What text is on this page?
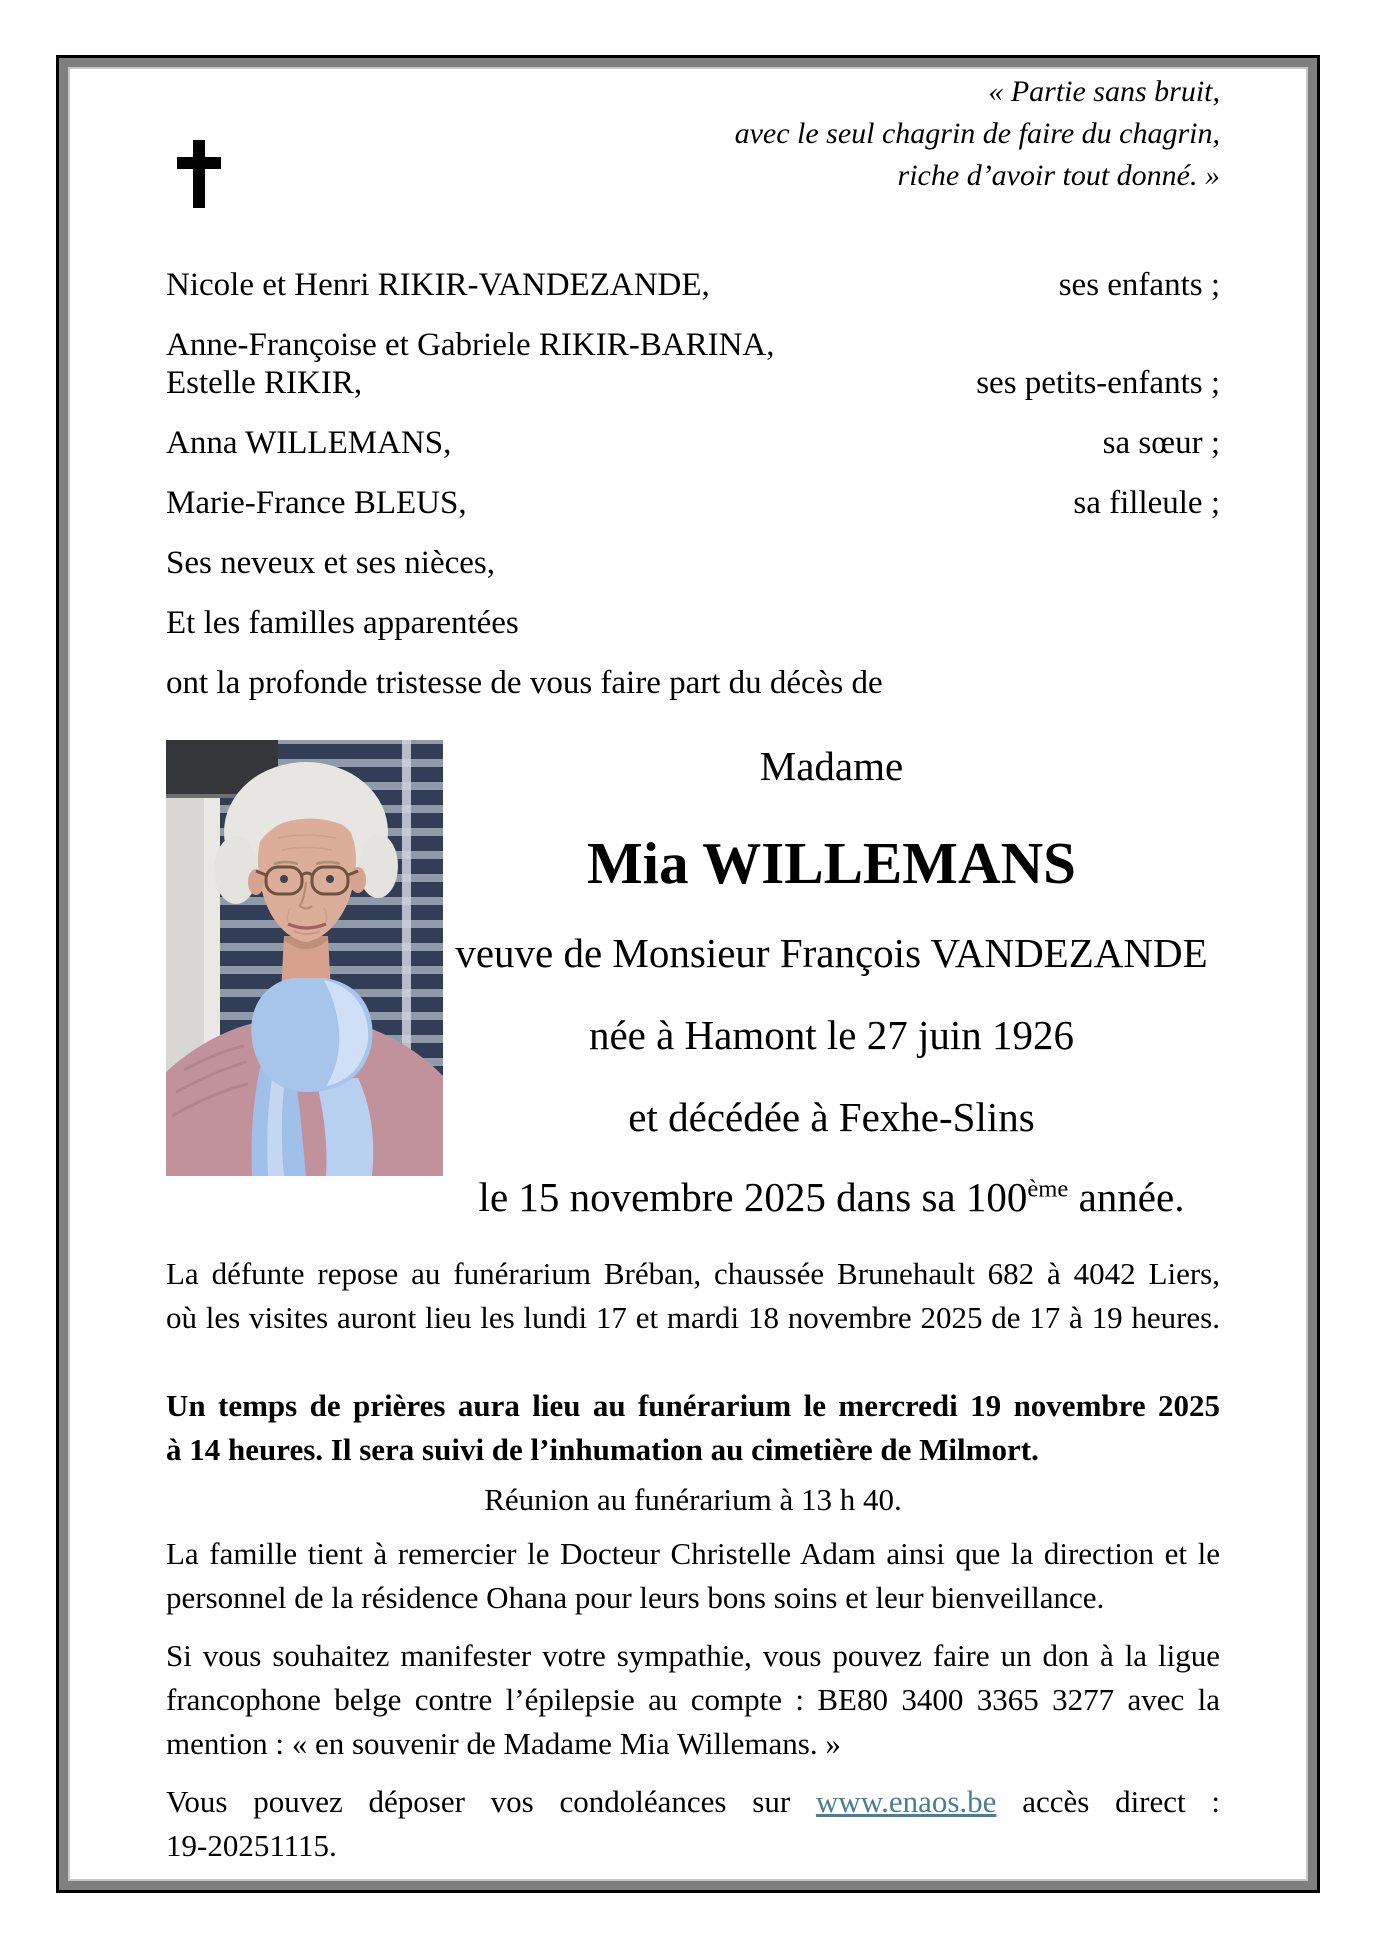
« Partie sans bruit,
avec le seul chagrin de faire du chagrin,
riche d’avoir tout donné. »
Nicole et Henri RIKIR-VANDEZANDE,	ses enfants ;
Anne-Françoise et Gabriele RIKIR-BARINA,
Estelle RIKIR,	ses petits-enfants ;
Anna WILLEMANS,	sa sœur ;
Marie-France BLEUS,	sa filleule ;
Ses neveux et ses nièces,
Et les familles apparentées
ont la profonde tristesse de vous faire part du décès de
Madame
Mia WILLEMANS
veuve de Monsieur François VANDEZANDE
née à Hamont le 27 juin 1926
et décédée à Fexhe-Slins
le 15 novembre 2025 dans sa 100ème année.
La défunte repose au funérarium Bréban, chaussée Brunehault 682 à 4042 Liers,
où les visites auront lieu les lundi 17 et mardi 18 novembre 2025 de 17 à 19 heures.
Un temps de prières aura lieu au funérarium le mercredi 19 novembre 2025
à 14 heures. Il sera suivi de l’inhumation au cimetière de Milmort.
Réunion au funérarium à 13 h 40.
La famille tient à remercier le Docteur Christelle Adam ainsi que la direction et le
personnel de la résidence Ohana pour leurs bons soins et leur bienveillance.
Si vous souhaitez manifester votre sympathie, vous pouvez faire un don à la ligue
francophone belge contre l’épilepsie au compte : BE80 3400 3365 3277 avec la
mention : « en souvenir de Madame Mia Willemans. »
Vous pouvez déposer vos condoléances sur www.enaos.be accès direct :
19-20251115.
